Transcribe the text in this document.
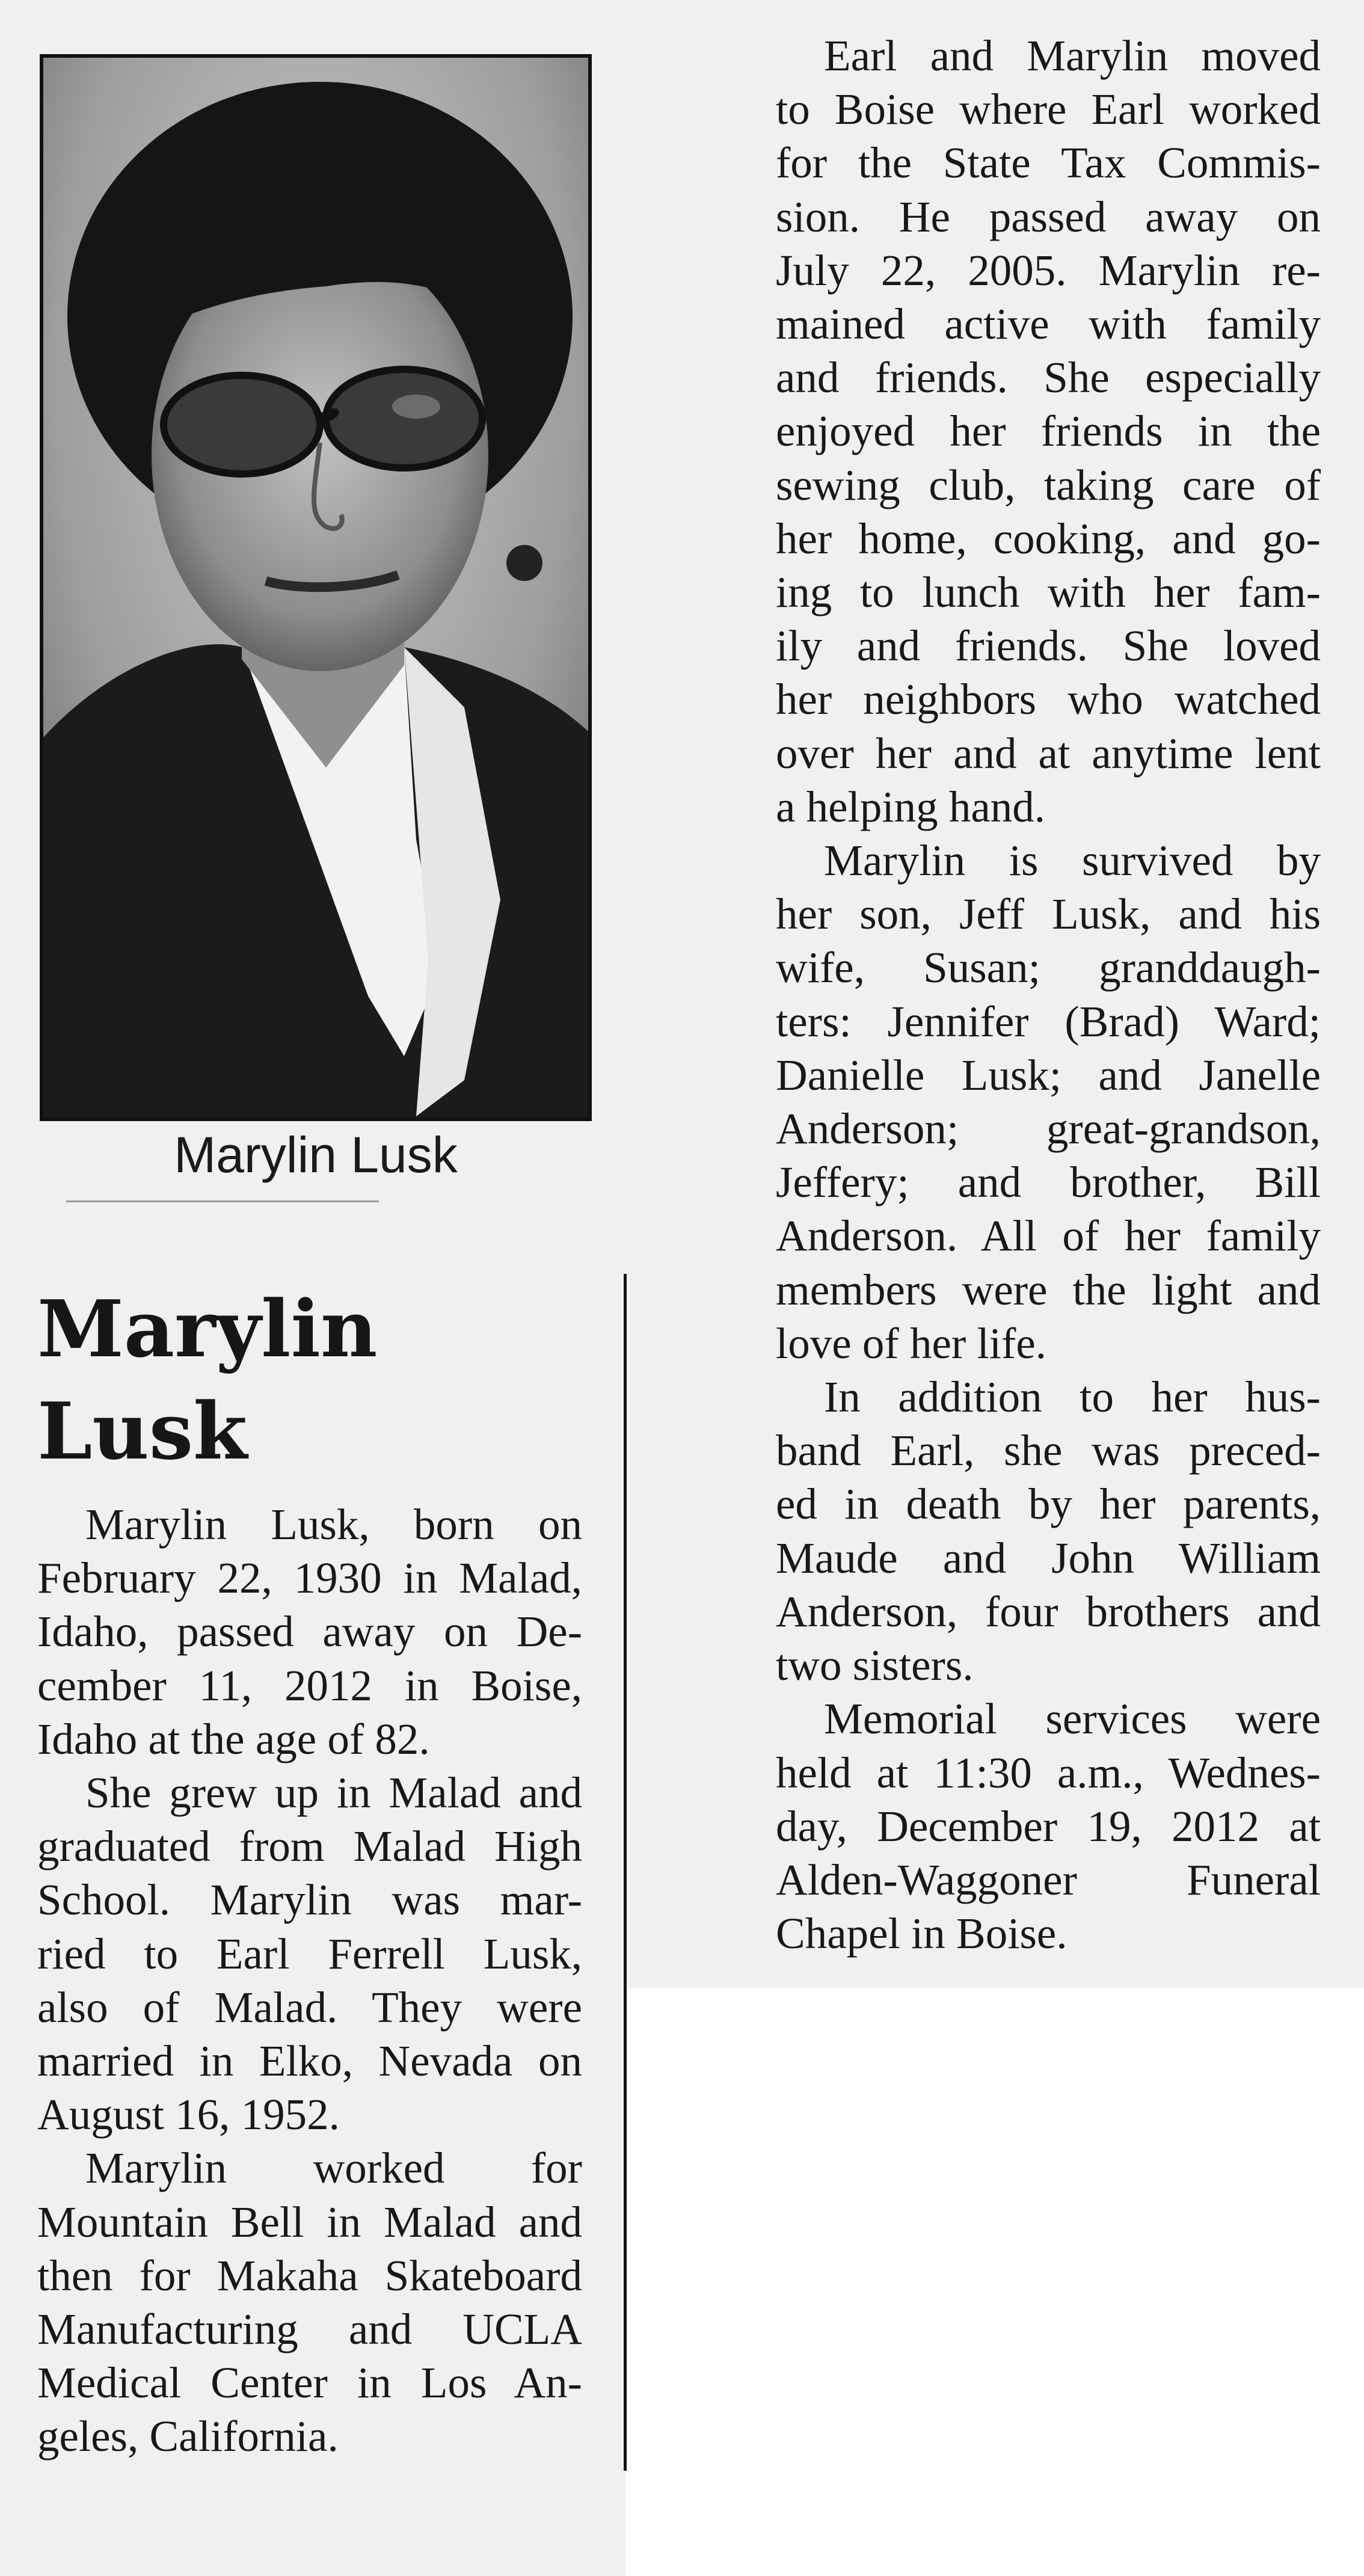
Marylin Lusk
Marylin
Lusk
Marylin Lusk, born on
February 22, 1930 in Malad,
Idaho, passed away on De-
cember 11, 2012 in Boise,
Idaho at the age of 82.
She grew up in Malad and
graduated from Malad High
School. Marylin was mar-
ried to Earl Ferrell Lusk,
also of Malad. They were
married in Elko, Nevada on
August 16, 1952.
Marylin worked for
Mountain Bell in Malad and
then for Makaha Skateboard
Manufacturing and UCLA
Medical Center in Los An-
geles, California.
Earl and Marylin moved
to Boise where Earl worked
for the State Tax Commis-
sion. He passed away on
July 22, 2005. Marylin re-
mained active with family
and friends. She especially
enjoyed her friends in the
sewing club, taking care of
her home, cooking, and go-
ing to lunch with her fam-
ily and friends. She loved
her neighbors who watched
over her and at anytime lent
a helping hand.
Marylin is survived by
her son, Jeff Lusk, and his
wife, Susan; granddaugh-
ters: Jennifer (Brad) Ward;
Danielle Lusk; and Janelle
Anderson; great-grandson,
Jeffery; and brother, Bill
Anderson. All of her family
members were the light and
love of her life.
In addition to her hus-
band Earl, she was preced-
ed in death by her parents,
Maude and John William
Anderson, four brothers and
two sisters.
Memorial services were
held at 11:30 a.m., Wednes-
day, December 19, 2012 at
Alden-Waggoner Funeral
Chapel in Boise.
